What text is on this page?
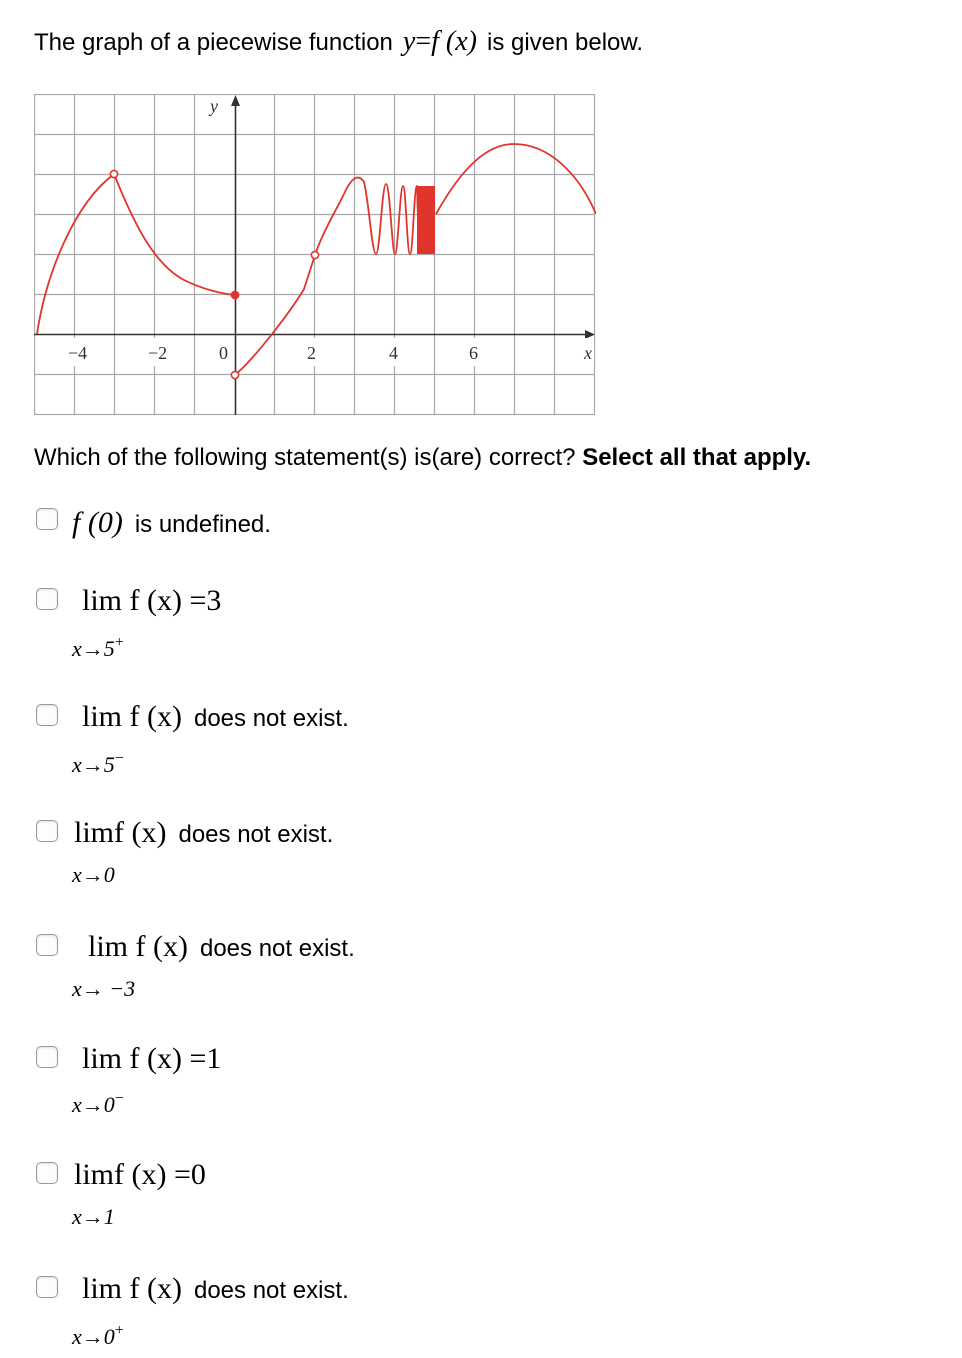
The graph of a piecewise function y=f (x) is given below.
−4	−2	0	2	4	6	x
y
Which of the following statement(s) is(are) correct? Select all that apply.
f (0) is undefined.
lim f (x) =3
x→5+
lim f (x) does not exist.
x→5−
limf (x) does not exist.
x→0
lim f (x) does not exist.
x→ −3
lim f (x) =1
x→0−
limf (x) =0
x→1
lim f (x) does not exist.
x→0+
